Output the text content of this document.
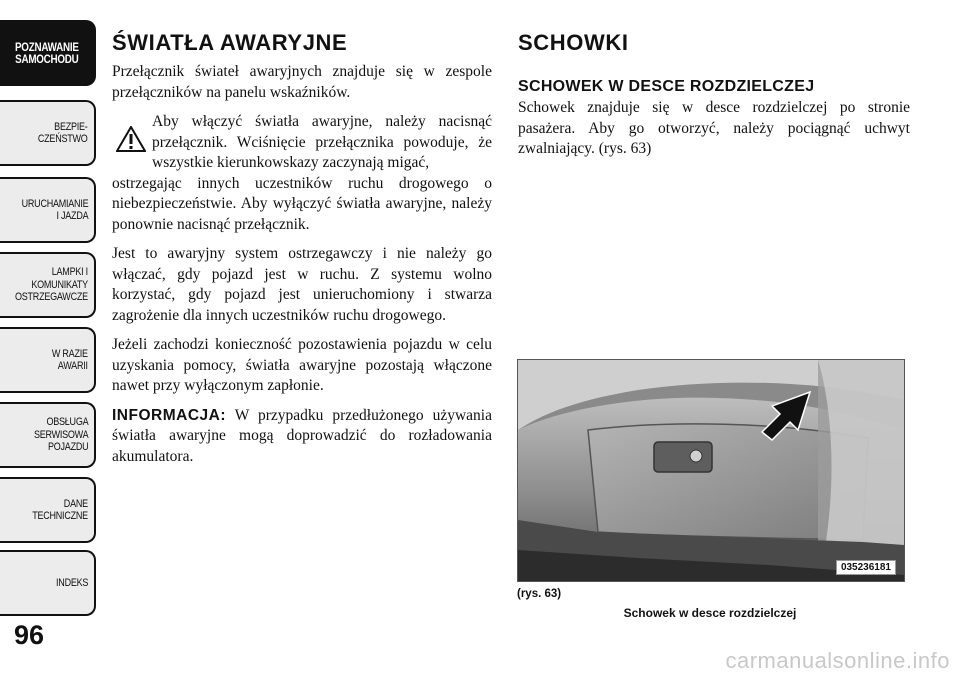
POZNAWANIE
SAMOCHODU
BEZPIE-
CZEŃSTWO
URUCHAMIANIE
I JAZDA
LAMPKI I
KOMUNIKATY
OSTRZEGAWCZE
W RAZIE
AWARII
OBSŁUGA
SERWISOWA
POJAZDU
DANE
TECHNICZNE
INDEKS
96
ŚWIATŁA AWARYJNE

Przełącznik świateł awaryjnych znajduje się w zespole przełączników na panelu wskaźników.

Aby włączyć światła awaryjne, należy nacisnąć przełącznik. Wciśnięcie przełącznika powoduje, że wszystkie kierunkowskazy zaczynają migać,

ostrzegając innych uczestników ruchu drogowego o niebezpieczeństwie. Aby wyłączyć światła awaryjne, należy ponownie nacisnąć przełącznik.

Jest to awaryjny system ostrzegawczy i nie należy go włączać, gdy pojazd jest w ruchu. Z systemu wolno korzystać, gdy pojazd jest unieruchomiony i stwarza zagrożenie dla innych uczestników ruchu drogowego.

Jeżeli zachodzi konieczność pozostawienia pojazdu w celu uzyskania pomocy, światła awaryjne pozostają włączone nawet przy wyłączonym zapłonie.

INFORMACJA: W przypadku przedłużonego używania światła awaryjne mogą doprowadzić do rozładowania akumulatora.

SCHOWKI
SCHOWEK W DESCE ROZDZIELCZEJ

Schowek znajduje się w desce rozdzielczej po stronie pasażera. Aby go otworzyć, należy pociągnąć uchwyt zwalniający. (rys. 63)

035236181
(rys. 63)
Schowek w desce rozdzielczej
carmanualsonline.info
